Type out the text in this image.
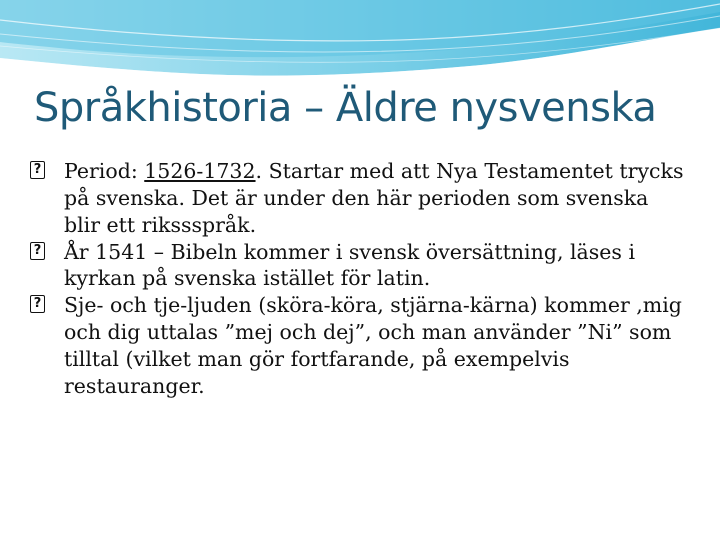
Språkhistoria – Äldre nysvenska

? Period: 1526-1732. Startar med att Nya Testamentet trycks på svenska. Det är under den här perioden som svenska blir ett rikssspråk.

? År 1541 – Bibeln kommer i svensk översättning, läses i kyrkan på svenska istället för latin.

? Sje- och tje-ljuden (sköra-köra, stjärna-kärna) kommer ,mig och dig uttalas ”mej och dej”, och man använder ”Ni” som tilltal (vilket man gör fortfarande, på exempelvis restauranger.
